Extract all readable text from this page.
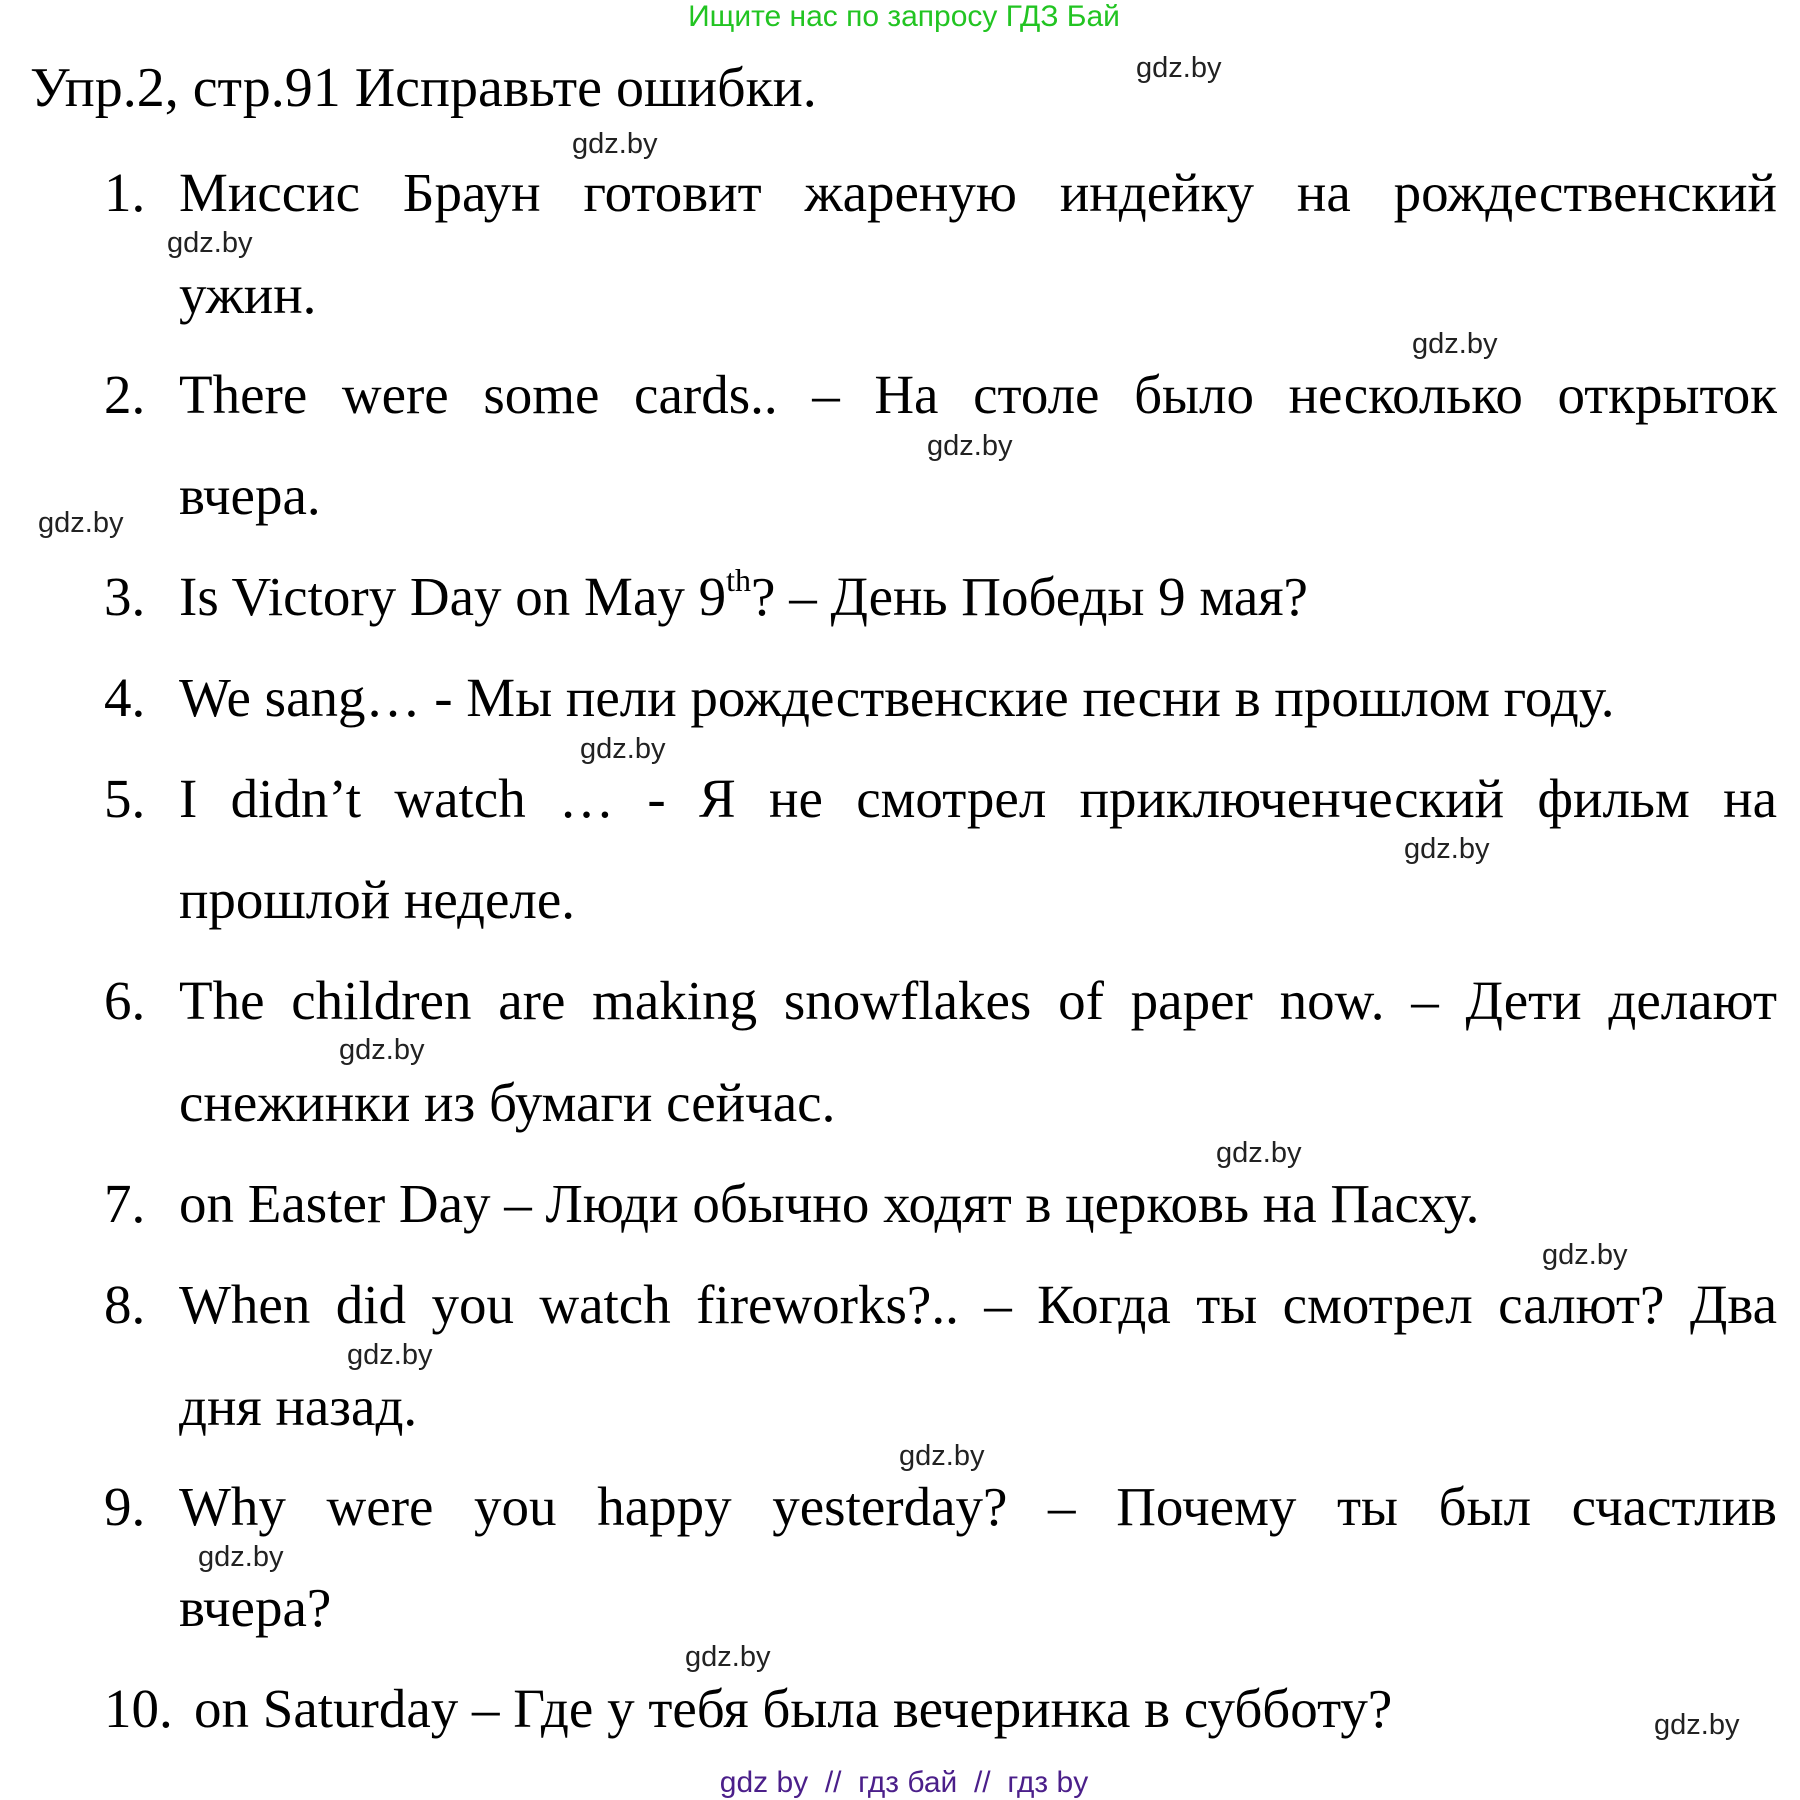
Ищите нас по запросу ГДЗ Бай
Упр.2, стр.91 Исправьте ошибки.
1. Миссис Браун готовит жареную индейку на рождественский
ужин.
2. There were some cards.. – На столе было несколько открыток
вчера.
3. Is Victory Day on May 9th? – День Победы 9 мая?
4. We sang… - Мы пели рождественские песни в прошлом году.
5. I didn’t watch … - Я не смотрел приключенческий фильм на
прошлой неделе.
6. The children are making snowflakes of paper now. – Дети делают
снежинки из бумаги сейчас.
7. on Easter Day – Люди обычно ходят в церковь на Пасху.
8. When did you watch fireworks?.. – Когда ты смотрел салют? Два
дня назад.
9. Why were you happy yesterday? – Почему ты был счастлив
вчера?
10. on Saturday – Где у тебя была вечеринка в субботу?
gdz.by
gdz.by
gdz.by
gdz.by
gdz.by
gdz.by
gdz.by
gdz.by
gdz.by
gdz.by
gdz.by
gdz.by
gdz.by
gdz.by
gdz.by
gdz.by
gdz by  //  гдз бай  //  гдз by
